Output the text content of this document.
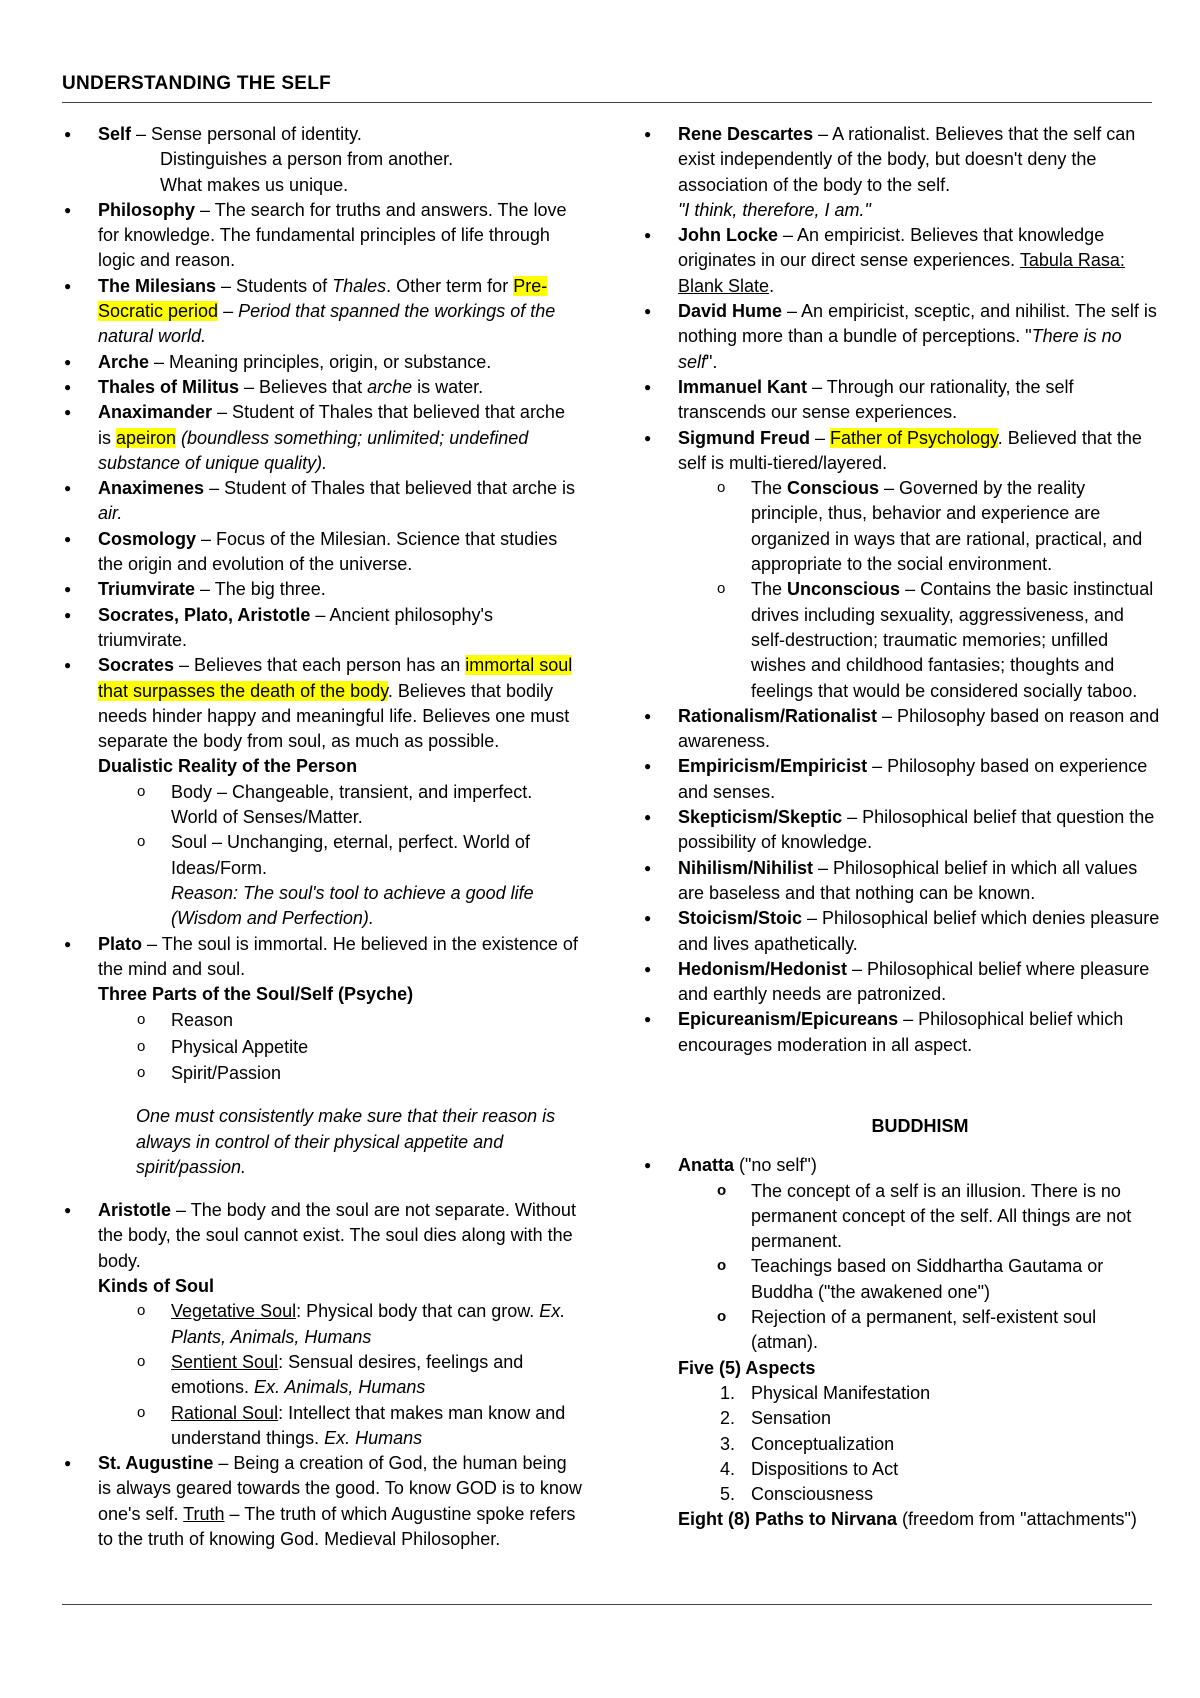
UNDERSTANDING THE SELF
● Self – Sense personal of identity.
Distinguishes a person from another.
What makes us unique.
● Philosophy – The search for truths and answers. The love for knowledge. The fundamental principles of life through logic and reason.
● The Milesians – Students of Thales. Other term for Pre-Socratic period – Period that spanned the workings of the natural world.
● Arche – Meaning principles, origin, or substance.
● Thales of Militus – Believes that arche is water.
● Anaximander – Student of Thales that believed that arche is apeiron (boundless something; unlimited; undefined substance of unique quality).
● Anaximenes – Student of Thales that believed that arche is air.
● Cosmology – Focus of the Milesian. Science that studies the origin and evolution of the universe.
● Triumvirate – The big three.
● Socrates, Plato, Aristotle – Ancient philosophy's triumvirate.
● Socrates – Believes that each person has an immortal soul that surpasses the death of the body. Believes that bodily needs hinder happy and meaningful life. Believes one must separate the body from soul, as much as possible.
Dualistic Reality of the Person
o Body – Changeable, transient, and imperfect. World of Senses/Matter.
o Soul – Unchanging, eternal, perfect. World of Ideas/Form.
Reason: The soul's tool to achieve a good life (Wisdom and Perfection).
● Plato – The soul is immortal. He believed in the existence of the mind and soul.
Three Parts of the Soul/Self (Psyche)
o Reason
o Physical Appetite
o Spirit/Passion
One must consistently make sure that their reason is always in control of their physical appetite and spirit/passion.
● Aristotle – The body and the soul are not separate. Without the body, the soul cannot exist. The soul dies along with the body.
Kinds of Soul
o Vegetative Soul: Physical body that can grow. Ex. Plants, Animals, Humans
o Sentient Soul: Sensual desires, feelings and emotions. Ex. Animals, Humans
o Rational Soul: Intellect that makes man know and understand things. Ex. Humans
● St. Augustine – Being a creation of God, the human being is always geared towards the good. To know GOD is to know one's self. Truth – The truth of which Augustine spoke refers to the truth of knowing God. Medieval Philosopher.
● Rene Descartes – A rationalist. Believes that the self can exist independently of the body, but doesn't deny the association of the body to the self.
"I think, therefore, I am."
● John Locke – An empiricist. Believes that knowledge originates in our direct sense experiences. Tabula Rasa: Blank Slate.
● David Hume – An empiricist, sceptic, and nihilist. The self is nothing more than a bundle of perceptions. "There is no self".
● Immanuel Kant – Through our rationality, the self transcends our sense experiences.
● Sigmund Freud – Father of Psychology. Believed that the self is multi-tiered/layered.
o The Conscious – Governed by the reality principle, thus, behavior and experience are organized in ways that are rational, practical, and appropriate to the social environment.
o The Unconscious – Contains the basic instinctual drives including sexuality, aggressiveness, and self-destruction; traumatic memories; unfilled wishes and childhood fantasies; thoughts and feelings that would be considered socially taboo.
● Rationalism/Rationalist – Philosophy based on reason and awareness.
● Empiricism/Empiricist – Philosophy based on experience and senses.
● Skepticism/Skeptic – Philosophical belief that question the possibility of knowledge.
● Nihilism/Nihilist – Philosophical belief in which all values are baseless and that nothing can be known.
● Stoicism/Stoic – Philosophical belief which denies pleasure and lives apathetically.
● Hedonism/Hedonist – Philosophical belief where pleasure and earthly needs are patronized.
● Epicureanism/Epicureans – Philosophical belief which encourages moderation in all aspect.
BUDDHISM
● Anatta ("no self")
o The concept of a self is an illusion. There is no permanent concept of the self. All things are not permanent.
o Teachings based on Siddhartha Gautama or Buddha ("the awakened one")
o Rejection of a permanent, self-existent soul (atman).
Five (5) Aspects
1. Physical Manifestation
2. Sensation
3. Conceptualization
4. Dispositions to Act
5. Consciousness
Eight (8) Paths to Nirvana (freedom from "attachments")
